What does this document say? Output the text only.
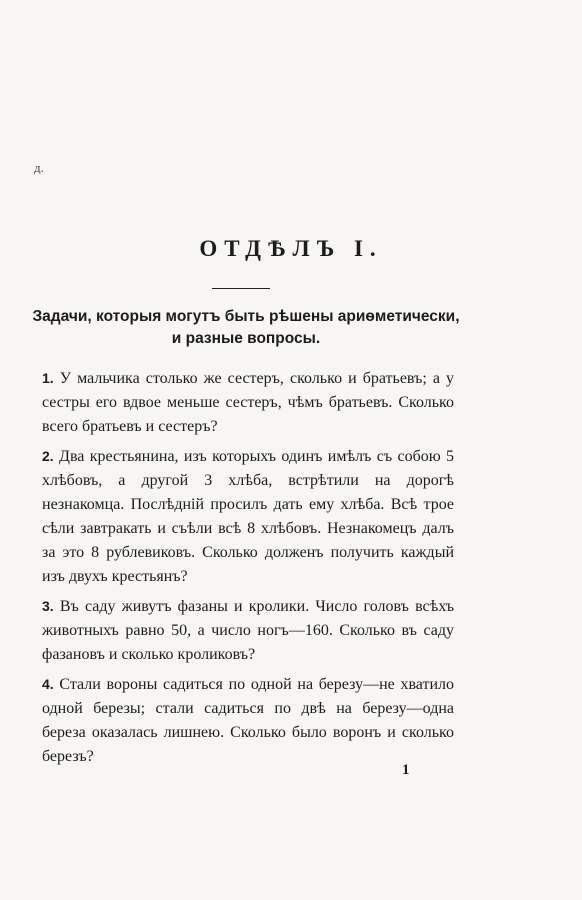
д.
ОТДѢЛЪ I.
Задачи, которыя могутъ быть рѣшены ариѳметически,
и разные вопросы.
1. У мальчика столько же сестеръ, сколько и братьевъ; а у сестры его вдвое меньше сестеръ, чѣмъ братьевъ. Сколько всего братьевъ и сестеръ?
2. Два крестьянина, изъ которыхъ одинъ имѣлъ съ собою 5 хлѣбовъ, а другой 3 хлѣба, встрѣтили на дорогѣ незнакомца. Послѣдній просилъ дать ему хлѣба. Всѣ трое сѣли завтракать и съѣли всѣ 8 хлѣбовъ. Незнакомецъ далъ за это 8 рублевиковъ. Сколько долженъ получить каждый изъ двухъ крестьянъ?
3. Въ саду живутъ фазаны и кролики. Число головъ всѣхъ животныхъ равно 50, а число ногъ—160. Сколько въ саду фазановъ и сколько кроликовъ?
4. Стали вороны садиться по одной на березу—не хватило одной березы; стали садиться по двѣ на березу—одна береза оказалась лишнею. Сколько было воронъ и сколько березъ?
1
